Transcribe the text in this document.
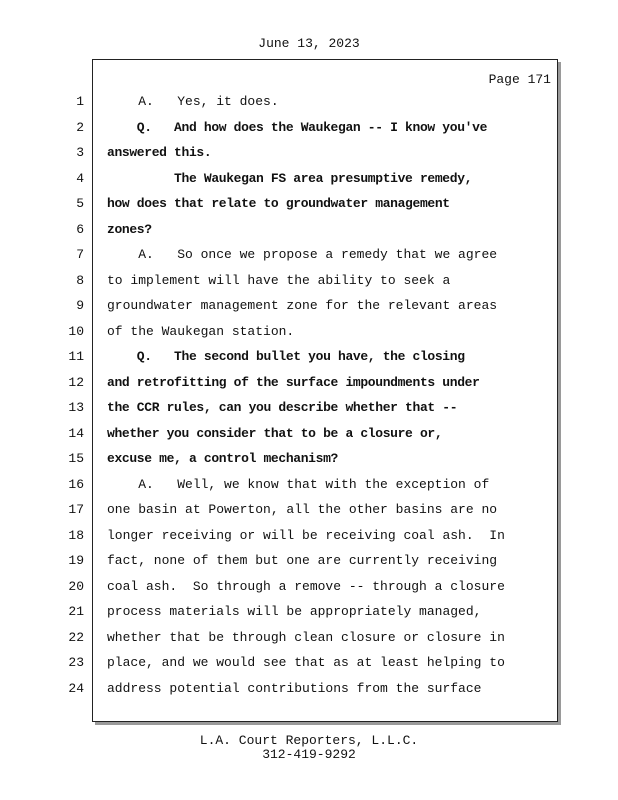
June 13, 2023
Page 171
1 A.   Yes, it does.
2 Q.   And how does the Waukegan -- I know you've
3 answered this.
4 The Waukegan FS area presumptive remedy,
5 how does that relate to groundwater management
6 zones?
7 A.   So once we propose a remedy that we agree
8 to implement will have the ability to seek a
9 groundwater management zone for the relevant areas
10 of the Waukegan station.
11 Q.   The second bullet you have, the closing
12 and retrofitting of the surface impoundments under
13 the CCR rules, can you describe whether that --
14 whether you consider that to be a closure or,
15 excuse me, a control mechanism?
16 A.   Well, we know that with the exception of
17 one basin at Powerton, all the other basins are no
18 longer receiving or will be receiving coal ash.  In
19 fact, none of them but one are currently receiving
20 coal ash.  So through a remove -- through a closure
21 process materials will be appropriately managed,
22 whether that be through clean closure or closure in
23 place, and we would see that as at least helping to
24 address potential contributions from the surface
L.A. Court Reporters, L.L.C.
312-419-9292
